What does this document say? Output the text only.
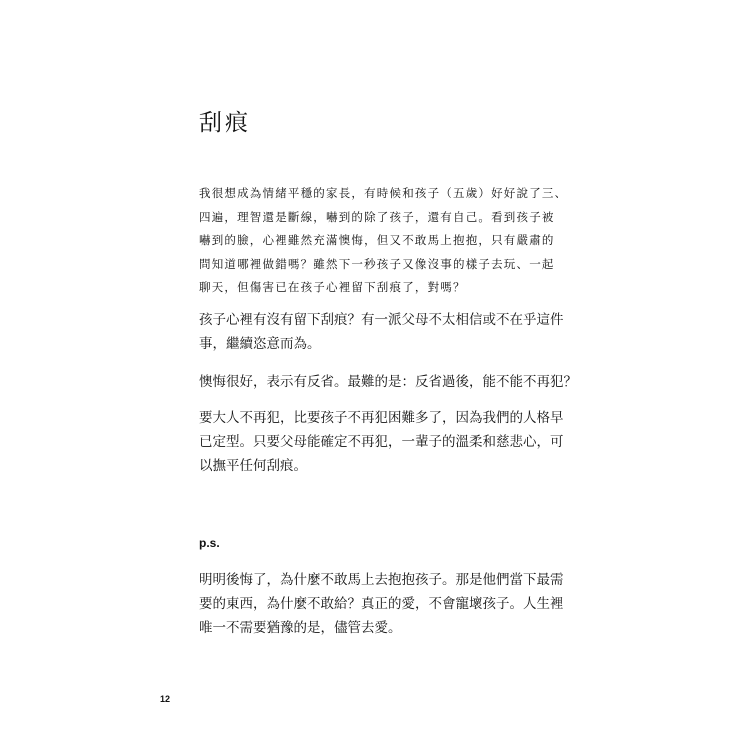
刮痕

我很想成為情緒平穩的家長，有時候和孩子（五歲）好好說了三、
四遍，理智還是斷線，嚇到的除了孩子，還有自己。看到孩子被
嚇到的臉，心裡雖然充滿懊悔，但又不敢馬上抱抱，只有嚴肅的
問知道哪裡做錯嗎？雖然下一秒孩子又像沒事的樣子去玩、一起
聊天，但傷害已在孩子心裡留下刮痕了，對嗎？

孩子心裡有沒有留下刮痕？有一派父母不太相信或不在乎這件
事，繼續恣意而為。

懊悔很好，表示有反省。最難的是：反省過後，能不能不再犯？

要大人不再犯，比要孩子不再犯困難多了，因為我們的人格早
已定型。只要父母能確定不再犯，一輩子的溫柔和慈悲心，可
以撫平任何刮痕。

p.s.

明明後悔了，為什麼不敢馬上去抱抱孩子。那是他們當下最需
要的東西，為什麼不敢給？真正的愛，不會寵壞孩子。人生裡
唯一不需要猶豫的是，儘管去愛。

12
